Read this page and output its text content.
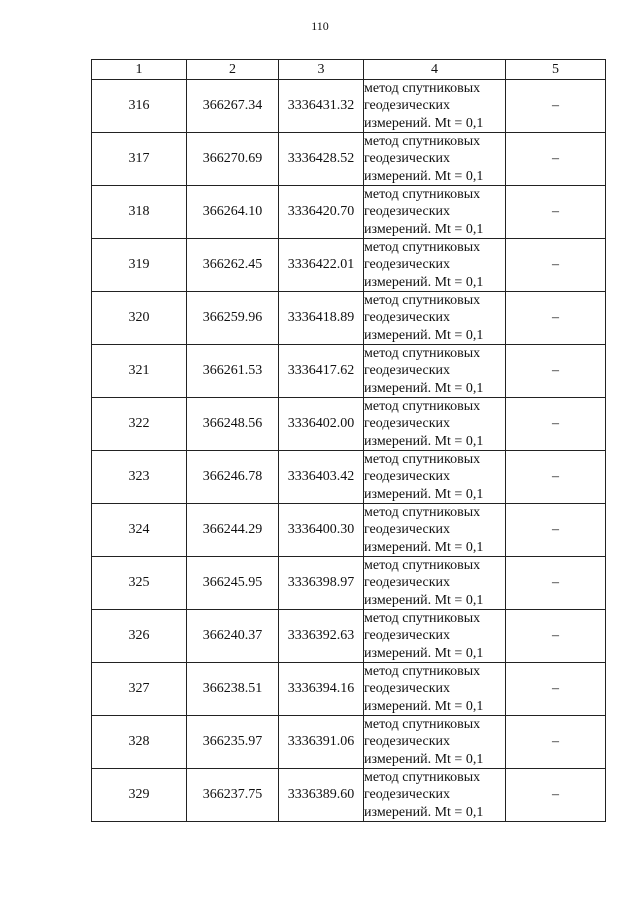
110
1	2	3	4	5
316	366267.34	3336431.32	метод спутниковых
геодезических
измерений. Mt = 0,1	–
317	366270.69	3336428.52	метод спутниковых
геодезических
измерений. Mt = 0,1	–
318	366264.10	3336420.70	метод спутниковых
геодезических
измерений. Mt = 0,1	–
319	366262.45	3336422.01	метод спутниковых
геодезических
измерений. Mt = 0,1	–
320	366259.96	3336418.89	метод спутниковых
геодезических
измерений. Mt = 0,1	–
321	366261.53	3336417.62	метод спутниковых
геодезических
измерений. Mt = 0,1	–
322	366248.56	3336402.00	метод спутниковых
геодезических
измерений. Mt = 0,1	–
323	366246.78	3336403.42	метод спутниковых
геодезических
измерений. Mt = 0,1	–
324	366244.29	3336400.30	метод спутниковых
геодезических
измерений. Mt = 0,1	–
325	366245.95	3336398.97	метод спутниковых
геодезических
измерений. Mt = 0,1	–
326	366240.37	3336392.63	метод спутниковых
геодезических
измерений. Mt = 0,1	–
327	366238.51	3336394.16	метод спутниковых
геодезических
измерений. Mt = 0,1	–
328	366235.97	3336391.06	метод спутниковых
геодезических
измерений. Mt = 0,1	–
329	366237.75	3336389.60	метод спутниковых
геодезических
измерений. Mt = 0,1	–
